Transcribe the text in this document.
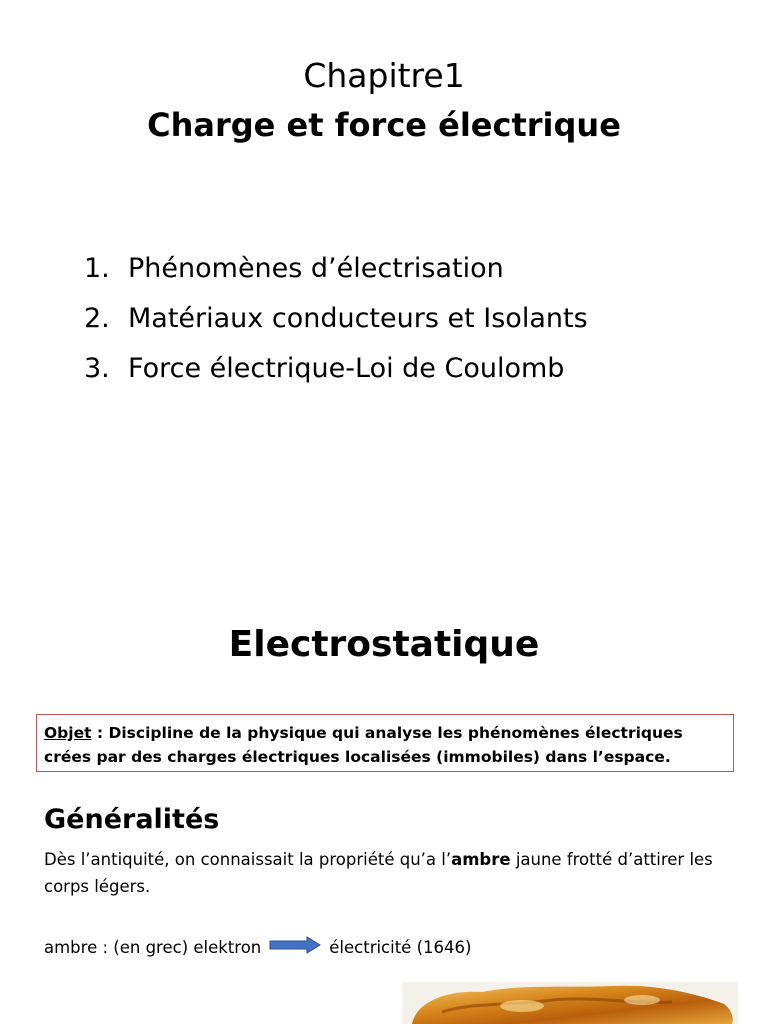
Chapitre1
Charge et force électrique
1. Phénomènes d’électrisation
2. Matériaux conducteurs et Isolants
3. Force électrique-Loi de Coulomb
Electrostatique
Objet : Discipline de la physique qui analyse les phénomènes électriques crées par des charges électriques localisées (immobiles) dans l’espace.
Généralités
Dès l’antiquité, on connaissait la propriété qu’a l’ambre jaune frotté d’attirer les corps légers.
ambre : (en grec) elektron	électricité (1646)
